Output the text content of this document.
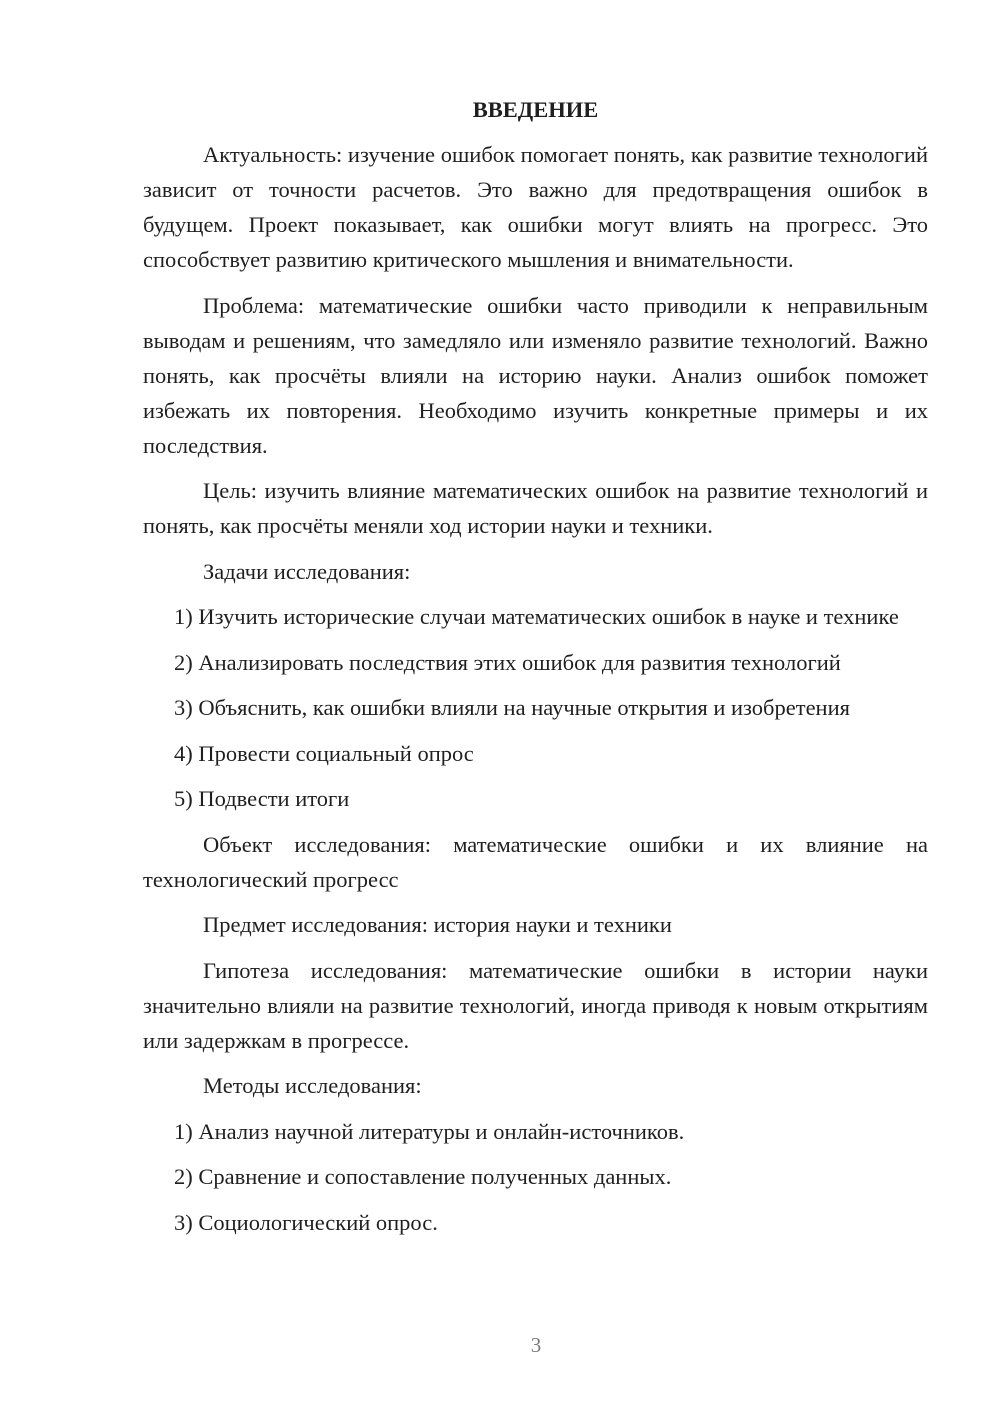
ВВЕДЕНИЕ
Актуальность: изучение ошибок помогает понять, как развитие технологий зависит от точности расчетов. Это важно для предотвращения ошибок в будущем. Проект показывает, как ошибки могут влиять на прогресс. Это способствует развитию критического мышления и внимательности.
Проблема: математические ошибки часто приводили к неправильным выводам и решениям, что замедляло или изменяло развитие технологий. Важно понять, как просчёты влияли на историю науки. Анализ ошибок поможет избежать их повторения. Необходимо изучить конкретные примеры и их последствия.
Цель: изучить влияние математических ошибок на развитие технологий и понять, как просчёты меняли ход истории науки и техники.
Задачи исследования:
1) Изучить исторические случаи математических ошибок в науке и технике
2) Анализировать последствия этих ошибок для развития технологий
3) Объяснить, как ошибки влияли на научные открытия и изобретения
4) Провести социальный опрос
5) Подвести итоги
Объект исследования: математические ошибки и их влияние на технологический прогресс
Предмет исследования: история науки и техники
Гипотеза исследования: математические ошибки в истории науки значительно влияли на развитие технологий, иногда приводя к новым открытиям или задержкам в прогрессе.
Методы исследования:
1) Анализ научной литературы и онлайн-источников.
2) Сравнение и сопоставление полученных данных.
3) Социологический опрос.
3
